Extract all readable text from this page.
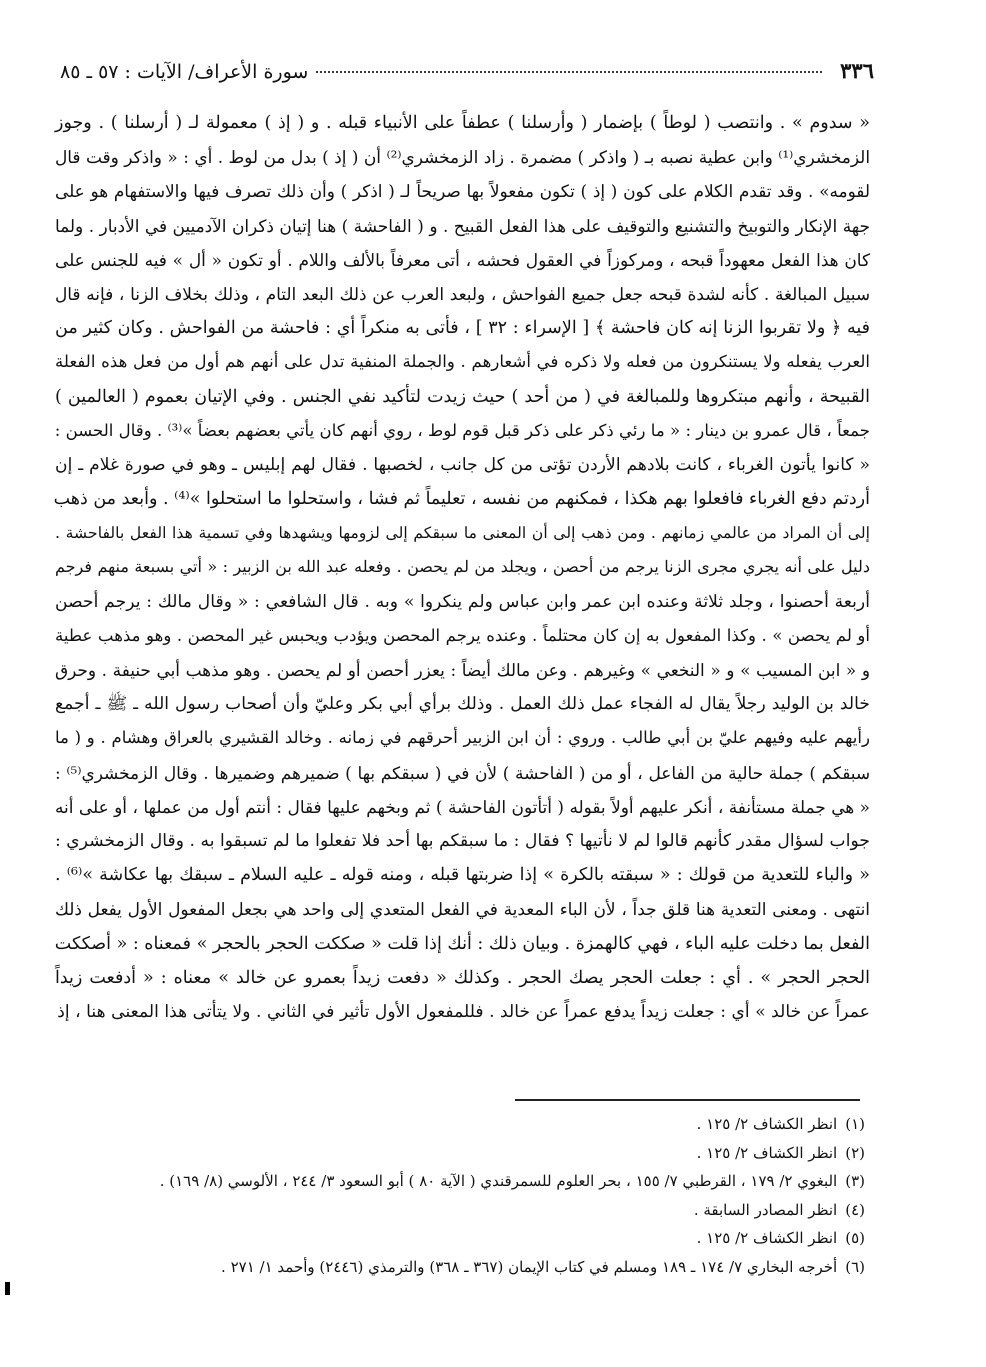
٣٣٦
سورة الأعراف/ الآيات : ٥٧ ـ ٨٥
« سدوم » . وانتصب ( لوطاً ) بإضمار ( وأرسلنا ) عطفاً على الأنبياء قبله . و ( إذ ) معمولة لـ ( أرسلنا ) . وجوز
الزمخشري⁽¹⁾ وابن عطية نصبه بـ ( واذكر ) مضمرة . زاد الزمخشري⁽²⁾ أن ( إذ ) بدل من لوط . أي : « واذكر وقت قال
لقومه» . وقد تقدم الكلام على كون ( إذ ) تكون مفعولاً بها صريحاً لـ ( اذكر ) وأن ذلك تصرف فيها والاستفهام هو على
جهة الإنكار والتوبيخ والتشنيع والتوقيف على هذا الفعل القبيح . و ( الفاحشة ) هنا إتيان ذكران الآدميين في الأدبار . ولما
كان هذا الفعل معهوداً قبحه ، ومركوزاً في العقول فحشه ، أتى معرفاً بالألف واللام . أو تكون « أل » فيه للجنس على
سبيل المبالغة . كأنه لشدة قبحه جعل جميع الفواحش ، ولبعد العرب عن ذلك البعد التام ، وذلك بخلاف الزنا ، فإنه قال
فيه ﴿ ولا تقربوا الزنا إنه كان فاحشة ﴾ [ الإسراء : ٣٢ ] ، فأتى به منكراً أي : فاحشة من الفواحش . وكان كثير من
العرب يفعله ولا يستنكرون من فعله ولا ذكره في أشعارهم . والجملة المنفية تدل على أنهم هم أول من فعل هذه الفعلة
القبيحة ، وأنهم مبتكروها وللمبالغة في ( من أحد ) حيث زيدت لتأكيد نفي الجنس . وفي الإتيان بعموم ( العالمين )
جمعاً ، قال عمرو بن دينار : « ما رئي ذكر على ذكر قبل قوم لوط ، روي أنهم كان يأتي بعضهم بعضاً »⁽³⁾ . وقال الحسن :
« كانوا يأتون الغرباء ، كانت بلادهم الأردن تؤتى من كل جانب ، لخصبها . فقال لهم إبليس ـ وهو في صورة غلام ـ إن
أردتم دفع الغرباء فافعلوا بهم هكذا ، فمكنهم من نفسه ، تعليماً ثم فشا ، واستحلوا ما استحلوا »⁽⁴⁾ . وأبعد من ذهب
إلى أن المراد من عالمي زمانهم . ومن ذهب إلى أن المعنى ما سبقكم إلى لزومها ويشهدها وفي تسمية هذا الفعل بالفاحشة .
دليل على أنه يجري مجرى الزنا يرجم من أحصن ، ويجلد من لم يحصن . وفعله عبد الله بن الزبير : « أتي بسبعة منهم فرجم
أربعة أحصنوا ، وجلد ثلاثة وعنده ابن عمر وابن عباس ولم ينكروا » وبه . قال الشافعي : « وقال مالك : يرجم أحصن
أو لم يحصن » . وكذا المفعول به إن كان محتلماً . وعنده يرجم المحصن ويؤدب ويحبس غير المحصن . وهو مذهب عطية
و « ابن المسيب » و « النخعي » وغيرهم . وعن مالك أيضاً : يعزر أحصن أو لم يحصن . وهو مذهب أبي حنيفة . وحرق
خالد بن الوليد رجلاً يقال له الفجاء عمل ذلك العمل . وذلك برأي أبي بكر وعليّ وأن أصحاب رسول الله ـ ﷺ ـ أجمع
رأيهم عليه وفيهم عليّ بن أبي طالب . وروي : أن ابن الزبير أحرقهم في زمانه . وخالد القشيري بالعراق وهشام . و ( ما
سبقكم ) جملة حالية من الفاعل ، أو من ( الفاحشة ) لأن في ( سبقكم بها ) ضميرهم وضميرها . وقال الزمخشري⁽⁵⁾ :
« هي جملة مستأنفة ، أنكر عليهم أولاً بقوله ( أتأتون الفاحشة ) ثم وبخهم عليها فقال : أنتم أول من عملها ، أو على أنه
جواب لسؤال مقدر كأنهم قالوا لم لا نأتيها ؟ فقال : ما سبقكم بها أحد فلا تفعلوا ما لم تسبقوا به . وقال الزمخشري :
« والباء للتعدية من قولك : « سبقته بالكرة » إذا ضربتها قبله ، ومنه قوله ـ عليه السلام ـ سبقك بها عكاشة »⁽⁶⁾ .
انتهى . ومعنى التعدية هنا قلق جداً ، لأن الباء المعدية في الفعل المتعدي إلى واحد هي بجعل المفعول الأول يفعل ذلك
الفعل بما دخلت عليه الباء ، فهي كالهمزة . وبيان ذلك : أنك إذا قلت « صككت الحجر بالحجر » فمعناه : « أصككت
الحجر الحجر » . أي : جعلت الحجر يصك الحجر . وكذلك « دفعت زيداً بعمرو عن خالد » معناه : « أدفعت زيداً
عمراً عن خالد » أي : جعلت زيداً يدفع عمراً عن خالد . فللمفعول الأول تأثير في الثاني . ولا يتأتى هذا المعنى هنا ، إذ
(١)انظر الكشاف ٢/ ١٢٥ .
(٢)انظر الكشاف ٢/ ١٢٥ .
(٣)البغوي ٢/ ١٧٩ ، القرطبي ٧/ ١٥٥ ، بحر العلوم للسمرقندي ( الآية ٨٠ ) أبو السعود ٣/ ٢٤٤ ، الألوسي (٨/ ١٦٩) .
(٤)انظر المصادر السابقة .
(٥)انظر الكشاف ٢/ ١٢٥ .
(٦)أخرجه البخاري ٧/ ١٧٤ ـ ١٨٩ ومسلم في كتاب الإيمان (٣٦٧ ـ ٣٦٨) والترمذي (٢٤٤٦) وأحمد ١/ ٢٧١ .
